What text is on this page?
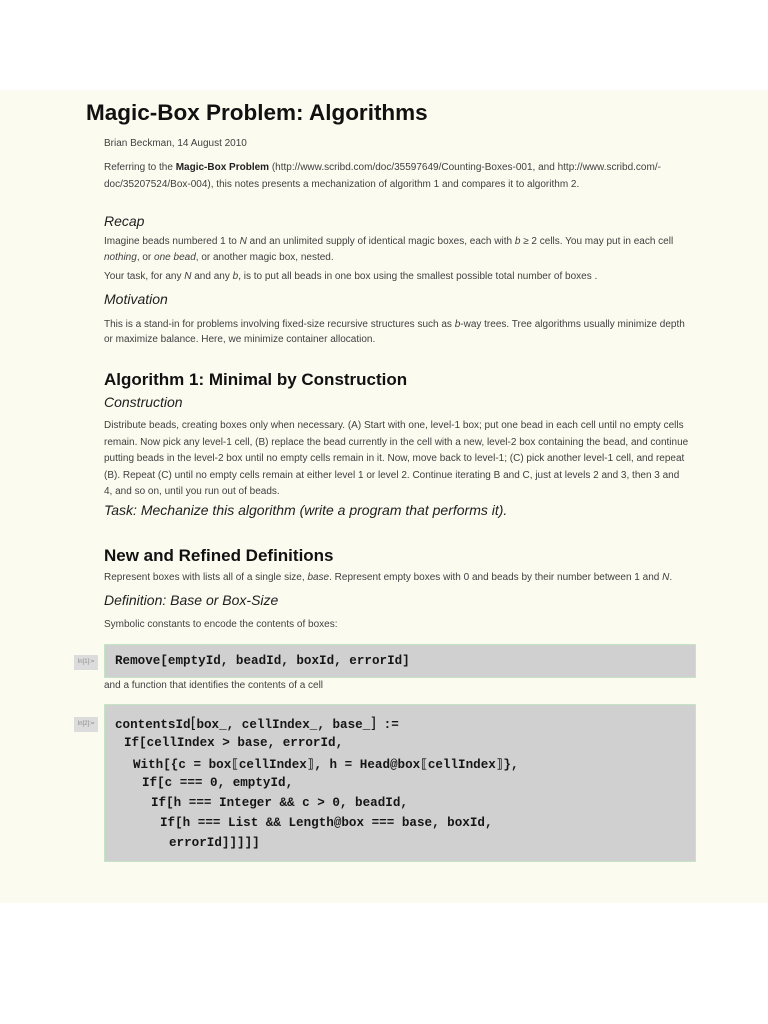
Magic-Box Problem: Algorithms

Brian Beckman, 14 August 2010

Referring to the Magic-Box Problem (http://www.scribd.com/doc/35597649/Counting-Boxes-001, and http://www.scribd.com/-

doc/35207524/Box-004), this notes presents a mechanization of algorithm 1 and compares it to algorithm 2.

Recap

Imagine beads numbered 1 to N and an unlimited supply of identical magic boxes, each with b ≥ 2 cells. You may put in each cell

nothing, or one bead, or another magic box, nested.

Your task, for any N and any b, is to put all beads in one box using the smallest possible total number of boxes .

Motivation

This is a stand-in for problems involving fixed-size recursive structures such as b-way trees. Tree algorithms usually minimize depth

or maximize balance. Here, we minimize container allocation.

Algorithm 1: Minimal by Construction
Construction

Distribute beads, creating boxes only when necessary. (A) Start with one, level-1 box; put one bead in each cell until no empty cells

remain. Now pick any level-1 cell, (B) replace the bead currently in the cell with a new, level-2 box containing the bead, and continue

putting beads in the level-2 box until no empty cells remain in it. Now, move back to level-1; (C) pick another level-1 cell, and repeat

(B). Repeat (C) until no empty cells remain at either level 1 or level 2. Continue iterating B and C, just at levels 2 and 3, then 3 and

4, and so on, until you run out of beads.

Task: Mechanize this algorithm (write a program that performs it).
New and Refined Definitions

Represent boxes with lists all of a single size, base. Represent empty boxes with 0 and beads by their number between 1 and N.

Definition: Base or Box-Size

Symbolic constants to encode the contents of boxes:

In[1]:= Remove[emptyId, beadId, boxId, errorId]

and a function that identifies the contents of a cell

In[2]:= contentsId[box_, cellIndex_, base_] :=
If[cellIndex > base, errorId,
With[{c = box⟦cellIndex⟧, h = Head@box⟦cellIndex⟧},
If[c === 0, emptyId,
If[h === Integer && c > 0, beadId,
If[h === List && Length@box === base, boxId,
errorId]]]]]
